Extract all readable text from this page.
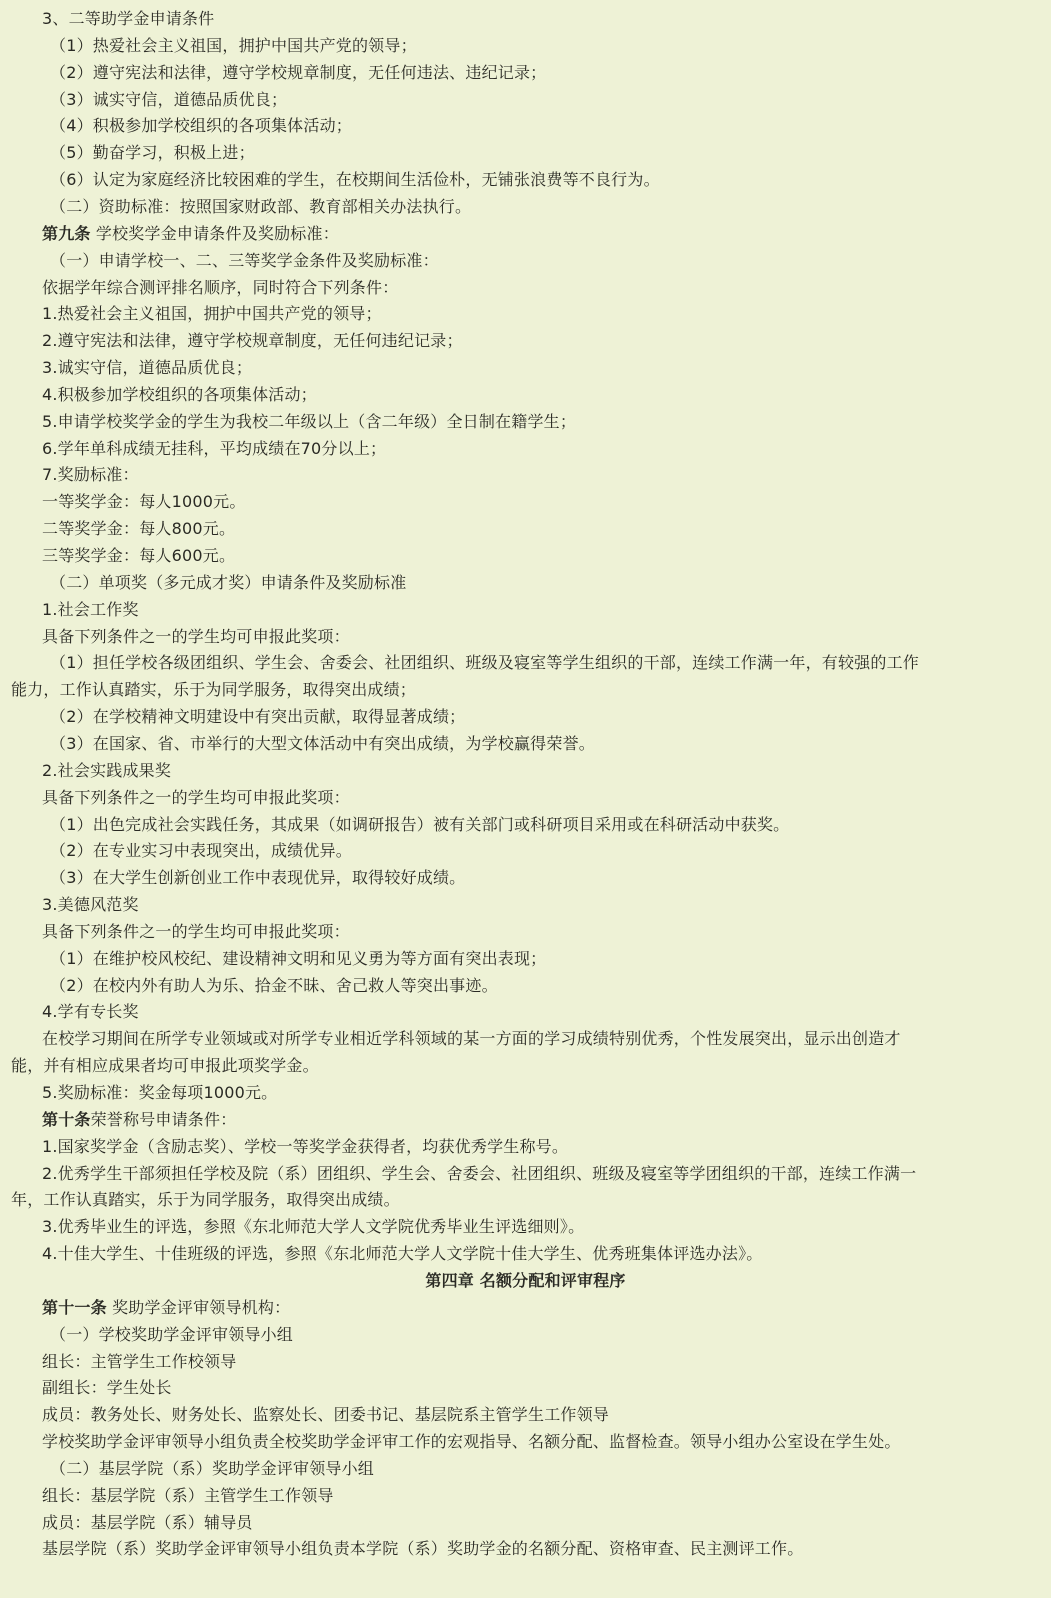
3、二等助学金申请条件
（1）热爱社会主义祖国，拥护中国共产党的领导；
（2）遵守宪法和法律，遵守学校规章制度，无任何违法、违纪记录；
（3）诚实守信，道德品质优良；
（4）积极参加学校组织的各项集体活动；
（5）勤奋学习，积极上进；
（6）认定为家庭经济比较困难的学生，在校期间生活俭朴，无铺张浪费等不良行为。
（二）资助标准：按照国家财政部、教育部相关办法执行。
第九条 学校奖学金申请条件及奖励标准：
（一）申请学校一、二、三等奖学金条件及奖励标准：
依据学年综合测评排名顺序，同时符合下列条件：
1.热爱社会主义祖国，拥护中国共产党的领导；
2.遵守宪法和法律，遵守学校规章制度，无任何违纪记录；
3.诚实守信，道德品质优良；
4.积极参加学校组织的各项集体活动；
5.申请学校奖学金的学生为我校二年级以上（含二年级）全日制在籍学生；
6.学年单科成绩无挂科，平均成绩在70分以上；
7.奖励标准：
一等奖学金：每人1000元。
二等奖学金：每人800元。
三等奖学金：每人600元。
（二）单项奖（多元成才奖）申请条件及奖励标准
1.社会工作奖
具备下列条件之一的学生均可申报此奖项：
（1）担任学校各级团组织、学生会、舍委会、社团组织、班级及寝室等学生组织的干部，连续工作满一年，有较强的工作
能力，工作认真踏实，乐于为同学服务，取得突出成绩；
（2）在学校精神文明建设中有突出贡献，取得显著成绩；
（3）在国家、省、市举行的大型文体活动中有突出成绩，为学校赢得荣誉。
2.社会实践成果奖
具备下列条件之一的学生均可申报此奖项：
（1）出色完成社会实践任务，其成果（如调研报告）被有关部门或科研项目采用或在科研活动中获奖。
（2）在专业实习中表现突出，成绩优异。
（3）在大学生创新创业工作中表现优异，取得较好成绩。
3.美德风范奖
具备下列条件之一的学生均可申报此奖项：
（1）在维护校风校纪、建设精神文明和见义勇为等方面有突出表现；
（2）在校内外有助人为乐、拾金不昧、舍己救人等突出事迹。
4.学有专长奖
在校学习期间在所学专业领域或对所学专业相近学科领域的某一方面的学习成绩特别优秀，个性发展突出，显示出创造才
能，并有相应成果者均可申报此项奖学金。
5.奖励标准：奖金每项1000元。
第十条荣誉称号申请条件：
1.国家奖学金（含励志奖）、学校一等奖学金获得者，均获优秀学生称号。
2.优秀学生干部须担任学校及院（系）团组织、学生会、舍委会、社团组织、班级及寝室等学团组织的干部，连续工作满一
年，工作认真踏实，乐于为同学服务，取得突出成绩。
3.优秀毕业生的评选，参照《东北师范大学人文学院优秀毕业生评选细则》。
4.十佳大学生、十佳班级的评选，参照《东北师范大学人文学院十佳大学生、优秀班集体评选办法》。
第四章 名额分配和评审程序
第十一条 奖助学金评审领导机构：
（一）学校奖助学金评审领导小组
组长：主管学生工作校领导
副组长：学生处长
成员：教务处长、财务处长、监察处长、团委书记、基层院系主管学生工作领导
学校奖助学金评审领导小组负责全校奖助学金评审工作的宏观指导、名额分配、监督检查。领导小组办公室设在学生处。
（二）基层学院（系）奖助学金评审领导小组
组长：基层学院（系）主管学生工作领导
成员：基层学院（系）辅导员
基层学院（系）奖助学金评审领导小组负责本学院（系）奖助学金的名额分配、资格审查、民主测评工作。
